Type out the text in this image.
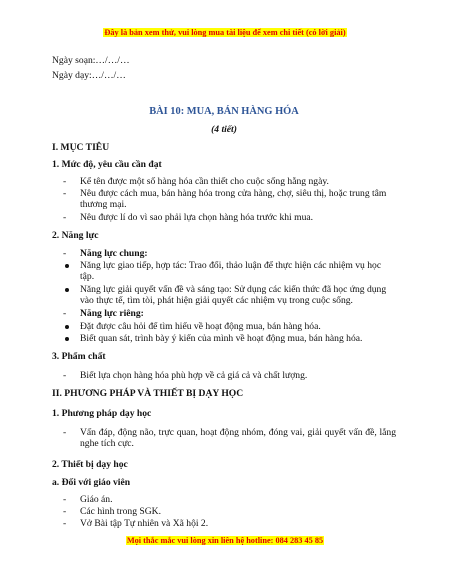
Đây là bản xem thử, vui lòng mua tài liệu để xem chi tiết (có lời giải)
Ngày soạn:…/…/…
Ngày dạy:…/…/…
BÀI 10: MUA, BÁN HÀNG HÓA
(4 tiết)
I. MỤC TIÊU
1. Mức độ, yêu cầu cần đạt
- Kể tên được một số hàng hóa cần thiết cho cuộc sống hằng ngày.
- Nêu được cách mua, bán hàng hóa trong cửa hàng, chợ, siêu thị, hoặc trung tâm thương mại.
- Nêu được lí do vì sao phải lựa chọn hàng hóa trước khi mua.
2. Năng lực
- Năng lực chung:
Năng lực giao tiếp, hợp tác: Trao đổi, thảo luận để thực hiện các nhiệm vụ học tập.
Năng lực giải quyết vấn đề và sáng tạo: Sử dụng các kiến thức đã học ứng dụng vào thực tế, tìm tòi, phát hiện giải quyết các nhiệm vụ trong cuộc sống.
- Năng lực riêng:
Đặt được câu hỏi để tìm hiểu về hoạt động mua, bán hàng hóa.
Biết quan sát, trình bày ý kiến của mình về hoạt động mua, bán hàng hóa.
3. Phẩm chất
- Biết lựa chọn hàng hóa phù hợp về cả giá cả và chất lượng.
II. PHƯƠNG PHÁP VÀ THIẾT BỊ DẠY HỌC
1. Phương pháp dạy học
- Vấn đáp, động não, trực quan, hoạt động nhóm, đóng vai, giải quyết vấn đề, lắng nghe tích cực.
2. Thiết bị dạy học
a. Đối với giáo viên
- Giáo án.
- Các hình trong SGK.
- Vở Bài tập Tự nhiên và Xã hội 2.
Mọi thắc mắc vui lòng xin liên hệ hotline: 084 283 45 85
